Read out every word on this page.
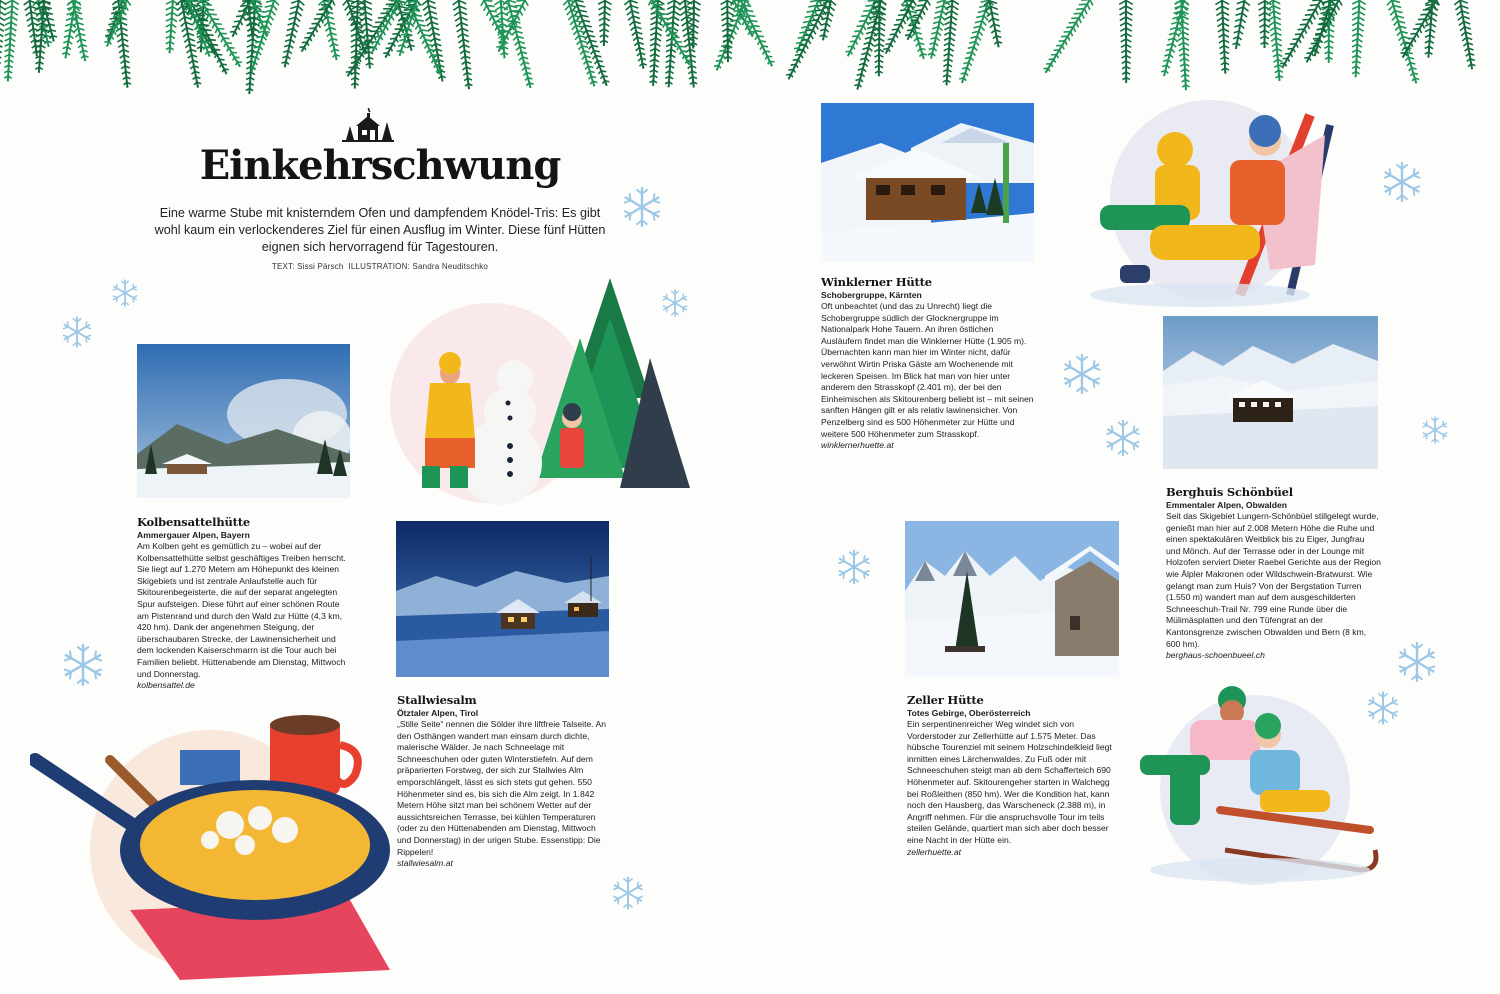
Einkehrschwung
Eine warme Stube mit knisterndem Ofen und dampfendem Knödel-Tris: Es gibt wohl kaum ein verlockenderes Ziel für einen Ausflug im Winter. Diese fünf Hütten eignen sich hervorragend für Tagestouren.
TEXT: Sissi Pärsch ILLUSTRATION: Sandra Neuditschko
Kolbensattelhütte
Ammergauer Alpen, Bayern

Am Kolben geht es gemütlich zu – wobei auf der Kolbensattelhütte selbst geschäftiges Treiben herrscht. Sie liegt auf 1.270 Metern am Höhepunkt des kleinen Skigebiets und ist zentrale Anlaufstelle auch für Skitourenbegeisterte, die auf der separat angelegten Spur aufsteigen. Diese führt auf einer schönen Route am Pistenrand und durch den Wald zur Hütte (4,3 km, 420 hm). Dank der angenehmen Steigung, der überschaubaren Strecke, der Lawinensicherheit und dem lockenden Kaiserschmarrn ist die Tour auch bei Familien beliebt. Hüttenabende am Dienstag, Mittwoch und Donnerstag.

kolbensattel.de
Stallwiesalm
Ötztaler Alpen, Tirol

„Stille Seite“ nennen die Sölder ihre liftfreie Talseite. An den Osthängen wandert man einsam durch dichte, malerische Wälder. Je nach Schneelage mit Schneeschuhen oder guten Winterstiefeln. Auf dem präparierten Forstweg, der sich zur Stallwies Alm emporschlängelt, lässt es sich stets gut gehen. 550 Höhenmeter sind es, bis sich die Alm zeigt. In 1.842 Metern Höhe sitzt man bei schönem Wetter auf der aussichtsreichen Terrasse, bei kühlen Temperaturen (oder zu den Hüttenabenden am Dienstag, Mittwoch und Donnerstag) in der urigen Stube. Essenstipp: Die Rippelen!

stallwiesalm.at
Winklerner Hütte
Schobergruppe, Kärnten

Oft unbeachtet (und das zu Unrecht) liegt die Schobergruppe südlich der Glocknergruppe im Nationalpark Hohe Tauern. An ihren östlichen Ausläufern findet man die Winklerner Hütte (1.905 m). Übernachten kann man hier im Winter nicht, dafür verwöhnt Wirtin Priska Gäste am Wochenende mit leckeren Speisen. Im Blick hat man von hier unter anderem den Strasskopf (2.401 m), der bei den Einheimischen als Skitourenberg beliebt ist – mit seinen sanften Hängen gilt er als relativ lawinensicher. Von Penzelberg sind es 500 Höhenmeter zur Hütte und weitere 500 Höhenmeter zum Strasskopf.

winklernerhuette.at
Berghuis Schönbüel
Emmentaler Alpen, Obwalden

Seit das Skigebiet Lungern-Schönbüel stillgelegt wurde, genießt man hier auf 2.008 Metern Höhe die Ruhe und einen spektakulären Weitblick bis zu Eiger, Jungfrau und Mönch. Auf der Terrasse oder in der Lounge mit Holzofen serviert Dieter Raebel Gerichte aus der Region wie Älpler Makronen oder Wildschwein-Bratwurst. Wie gelangt man zum Huis? Von der Bergstation Turren (1.550 m) wandert man auf dem ausgeschilderten Schneeschuh-Trail Nr. 799 eine Runde über die Mülimäsplatten und den Tüfengrat an der Kantonsgrenze zwischen Obwalden und Bern (8 km, 600 hm).

berghaus-schoenbueel.ch
Zeller Hütte
Totes Gebirge, Oberösterreich

Ein serpentinenreicher Weg windet sich von Vorderstoder zur Zellerhütte auf 1.575 Meter. Das hübsche Tourenziel mit seinem Holzschindelkleid liegt inmitten eines Lärchenwaldes. Zu Fuß oder mit Schneeschuhen steigt man ab dem Schafferteich 690 Höhenmeter auf. Skitourengeher starten in Walchegg bei Roßleithen (850 hm). Wer die Kondition hat, kann noch den Hausberg, das Warscheneck (2.388 m), in Angriff nehmen. Für die anspruchsvolle Tour im teils steilen Gelände, quartiert man sich aber doch besser eine Nacht in der Hütte ein.

zellerhuette.at
